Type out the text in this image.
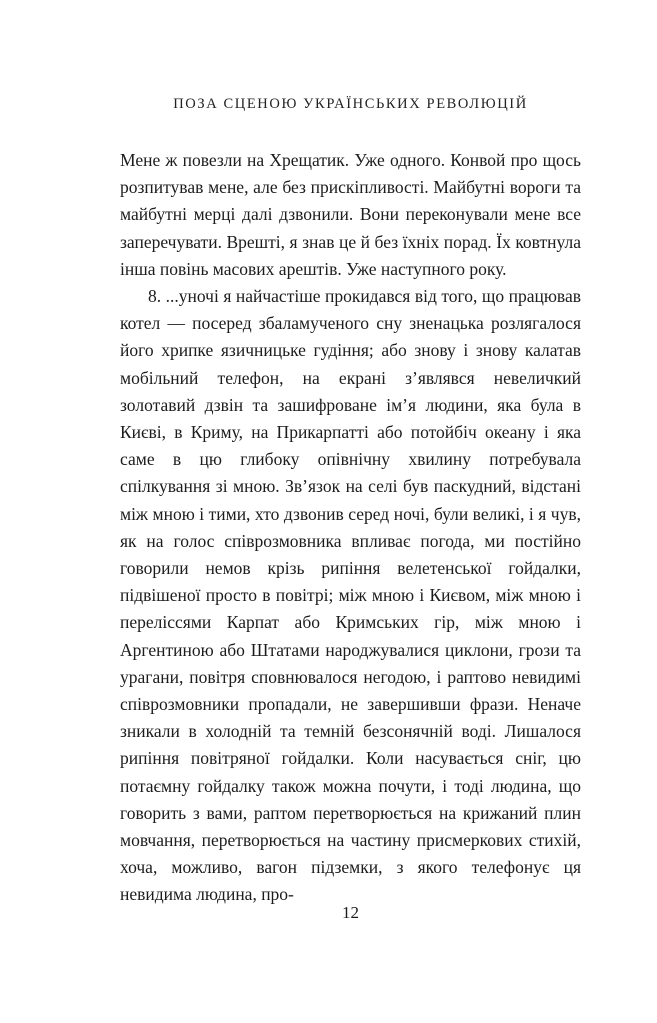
ПОЗА СЦЕНОЮ УКРАЇНСЬКИХ РЕВОЛЮЦІЙ

Мене ж повезли на Хрещатик. Уже одного. Конвой про щось розпитував мене, але без прискіпливості. Майбутні вороги та майбутні мерці далі дзвонили. Вони переконували мене все заперечувати. Врешті, я знав це й без їхніх порад. Їх ковтнула інша повінь масових арештів. Уже наступного року.

8. ...уночі я найчастіше прокидався від того, що працював котел — посеред збаламученого сну зненацька розлягалося його хрипке язичницьке гудіння; або знову і знову калатав мобільний телефон, на екрані з’являвся невеличкий золотавий дзвін та зашифроване ім’я людини, яка була в Києві, в Криму, на Прикарпатті або потойбіч океану і яка саме в цю глибоку опівнічну хвилину потребувала спілкування зі мною. Зв’язок на селі був паскудний, відстані між мною і тими, хто дзвонив серед ночі, були великі, і я чув, як на голос співрозмовника впливає погода, ми постійно говорили немов крізь рипіння велетенської гойдалки, підвішеної просто в повітрі; між мною і Києвом, між мною і переліссями Карпат або Кримських гір, між мною і Аргентиною або Штатами народжувалися циклони, грози та урагани, повітря сповнювалося негодою, і раптово невидимі співрозмовники пропадали, не завершивши фрази. Неначе зникали в холодній та темній безсонячній воді. Лишалося рипіння повітряної гойдалки. Коли насувається сніг, цю потаємну гойдалку також можна почути, і тоді людина, що говорить з вами, раптом перетворюється на крижаний плин мовчання, перетворюється на частину присмеркових стихій, хоча, можливо, вагон підземки, з якого телефонує ця невидима людина, про-

12
